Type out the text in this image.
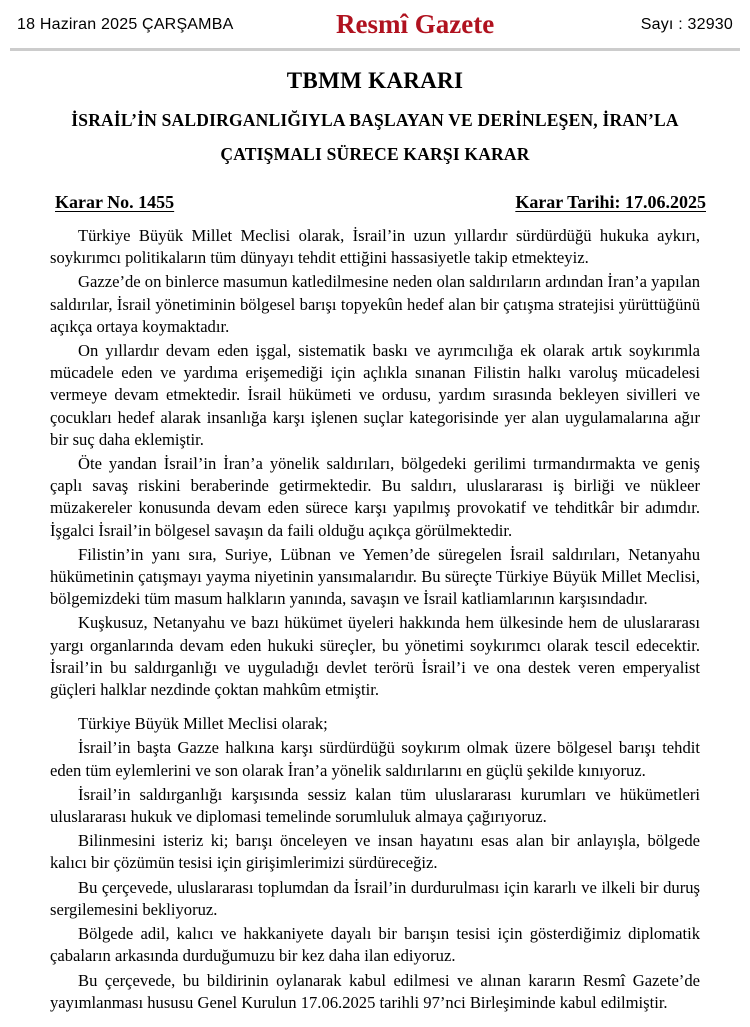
18 Haziran 2025 ÇARŞAMBA	Resmî Gazete	Sayı : 32930
TBMM KARARI
İSRAİL’İN SALDIRGANLIĞIYLA BAŞLAYAN VE DERİNLEŞEN, İRAN’LA
ÇATIŞMALI SÜRECE KARŞI KARAR
Karar No. 1455	Karar Tarihi: 17.06.2025

Türkiye Büyük Millet Meclisi olarak, İsrail’in uzun yıllardır sürdürdüğü hukuka aykırı, soykırımcı politikaların tüm dünyayı tehdit ettiğini hassasiyetle takip etmekteyiz.

Gazze’de on binlerce masumun katledilmesine neden olan saldırıların ardından İran’a yapılan saldırılar, İsrail yönetiminin bölgesel barışı topyekûn hedef alan bir çatışma stratejisi yürüttüğünü açıkça ortaya koymaktadır.

On yıllardır devam eden işgal, sistematik baskı ve ayrımcılığa ek olarak artık soykırımla mücadele eden ve yardıma erişemediği için açlıkla sınanan Filistin halkı varoluş mücadelesi vermeye devam etmektedir. İsrail hükümeti ve ordusu, yardım sırasında bekleyen sivilleri ve çocukları hedef alarak insanlığa karşı işlenen suçlar kategorisinde yer alan uygulamalarına ağır bir suç daha eklemiştir.

Öte yandan İsrail’in İran’a yönelik saldırıları, bölgedeki gerilimi tırmandırmakta ve geniş çaplı savaş riskini beraberinde getirmektedir. Bu saldırı, uluslararası iş birliği ve nükleer müzakereler konusunda devam eden sürece karşı yapılmış provokatif ve tehditkâr bir adımdır. İşgalci İsrail’in bölgesel savaşın da faili olduğu açıkça görülmektedir.

Filistin’in yanı sıra, Suriye, Lübnan ve Yemen’de süregelen İsrail saldırıları, Netanyahu hükümetinin çatışmayı yayma niyetinin yansımalarıdır. Bu süreçte Türkiye Büyük Millet Meclisi, bölgemizdeki tüm masum halkların yanında, savaşın ve İsrail katliamlarının karşısındadır.

Kuşkusuz, Netanyahu ve bazı hükümet üyeleri hakkında hem ülkesinde hem de uluslararası yargı organlarında devam eden hukuki süreçler, bu yönetimi soykırımcı olarak tescil edecektir. İsrail’in bu saldırganlığı ve uyguladığı devlet terörü İsrail’i ve ona destek veren emperyalist güçleri halklar nezdinde çoktan mahkûm etmiştir.

Türkiye Büyük Millet Meclisi olarak;

İsrail’in başta Gazze halkına karşı sürdürdüğü soykırım olmak üzere bölgesel barışı tehdit eden tüm eylemlerini ve son olarak İran’a yönelik saldırılarını en güçlü şekilde kınıyoruz.

İsrail’in saldırganlığı karşısında sessiz kalan tüm uluslararası kurumları ve hükümetleri uluslararası hukuk ve diplomasi temelinde sorumluluk almaya çağırıyoruz.

Bilinmesini isteriz ki; barışı önceleyen ve insan hayatını esas alan bir anlayışla, bölgede kalıcı bir çözümün tesisi için girişimlerimizi sürdüreceğiz.

Bu çerçevede, uluslararası toplumdan da İsrail’in durdurulması için kararlı ve ilkeli bir duruş sergilemesini bekliyoruz.

Bölgede adil, kalıcı ve hakkaniyete dayalı bir barışın tesisi için gösterdiğimiz diplomatik çabaların arkasında durduğumuzu bir kez daha ilan ediyoruz.

Bu çerçevede, bu bildirinin oylanarak kabul edilmesi ve alınan kararın Resmî Gazete’de yayımlanması hususu Genel Kurulun 17.06.2025 tarihli 97’nci Birleşiminde kabul edilmiştir.
